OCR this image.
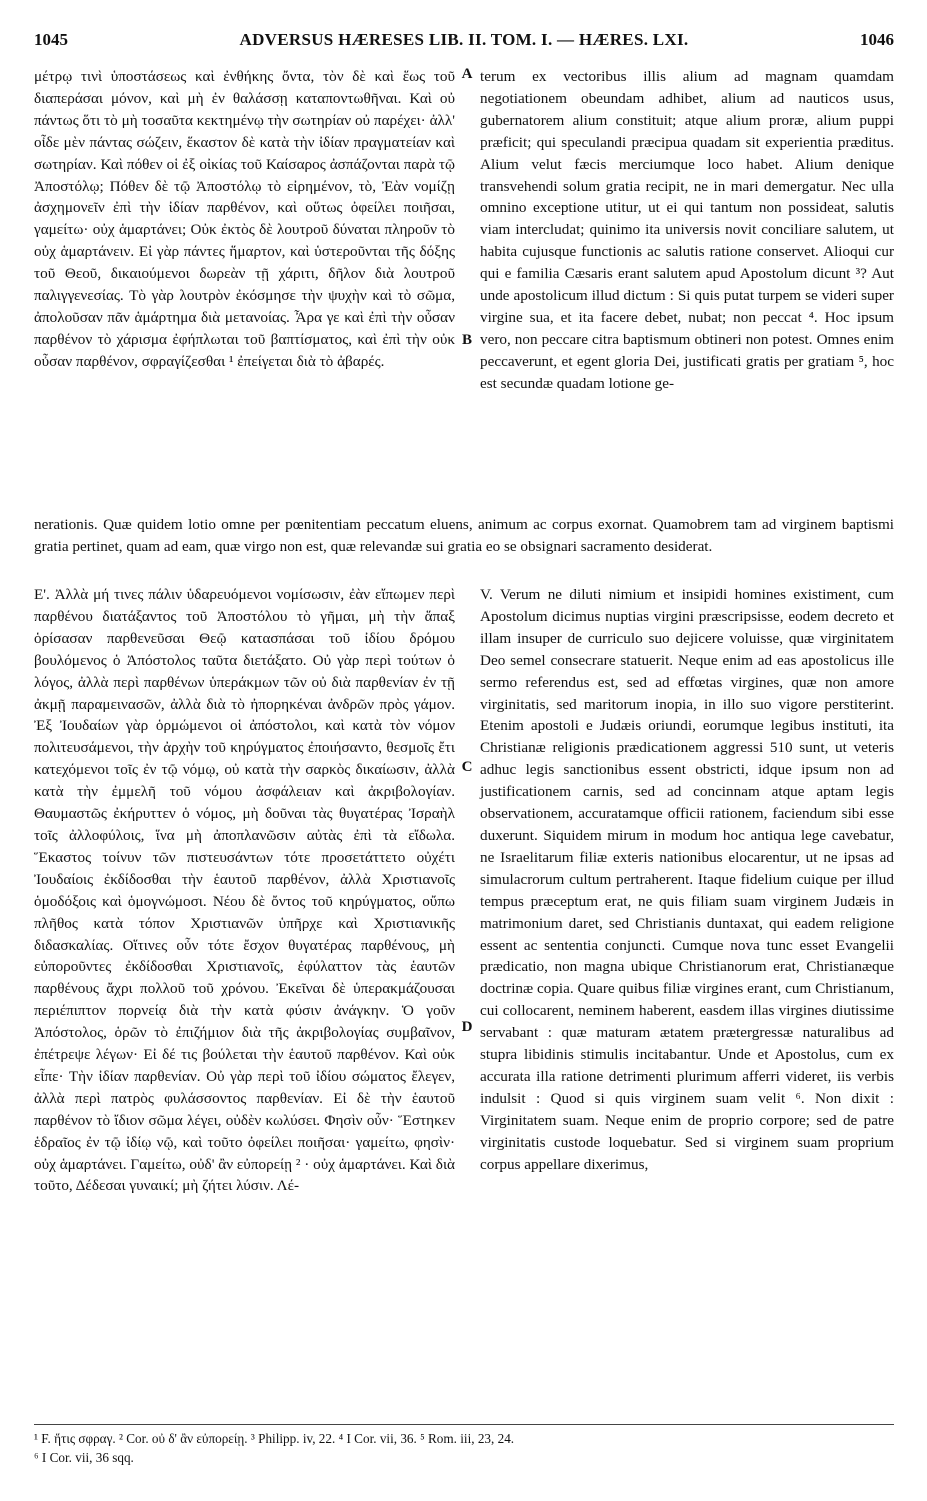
1045	ADVERSUS HÆRESES LIB. II. TOM. I. — HÆRES. LXI.	1046

μέτρῳ τινὶ ὑποστάσεως καὶ ἐνθήκης ὄντα, τὸν δὲ καὶ ἕως τοῦ διαπεράσαι μόνον, καὶ μὴ ἐν θαλάσσῃ καταποντωθῆναι. Καὶ οὐ πάντως ὅτι τὸ μὴ τοσαῦτα κεκτημένῳ τὴν σωτηρίαν οὐ παρέχει· ἀλλ' οἶδε μὲν πάντας σώζειν, ἕκαστον δὲ κατὰ τὴν ἰδίαν πραγματείαν καὶ σωτηρίαν. Καὶ πόθεν οἱ ἐξ οἰκίας τοῦ Καίσαρος ἀσπάζονται παρὰ τῷ Ἀποστόλῳ; Πόθεν δὲ τῷ Ἀποστόλῳ τὸ εἰρημένον, τὸ, Ἐὰν νομίζῃ ἀσχημονεῖν ἐπὶ τὴν ἰδίαν παρθένον, καὶ οὕτως ὀφείλει ποιῆσαι, γαμείτω· οὐχ ἁμαρτάνει; Οὐκ ἐκτὸς δὲ λουτροῦ δύναται πληροῦν τὸ οὐχ ἁμαρτάνειν. Εἰ γὰρ πάντες ἥμαρτον, καὶ ὑστεροῦνται τῆς δόξης τοῦ Θεοῦ, δικαιούμενοι δωρεὰν τῇ χάριτι, δῆλον διὰ λουτροῦ παλιγγενεσίας. Τὸ γὰρ λουτρὸν ἐκόσμησε τὴν ψυχὴν καὶ τὸ σῶμα, ἀπολοῦσαν πᾶν ἁμάρτημα διὰ μετανοίας. Ἆρα γε καὶ ἐπὶ τὴν οὖσαν παρθένον τὸ χάρισμα ἐφήπλωται τοῦ βαπτίσματος, καὶ ἐπὶ τὴν οὐκ οὖσαν παρθένον, σφραγίζεσθαι ¹ ἐπείγεται διὰ τὸ ἀβαρές.

terum ex vectoribus illis alium ad magnam quamdam negotiationem obeundam adhibet, alium ad nauticos usus, gubernatorem alium constituit; atque alium proræ, alium puppi præficit; qui speculandi præcipua quadam sit experientia præditus. Alium velut fæcis merciumque loco habet. Alium denique transvehendi solum gratia recipit, ne in mari demergatur. Nec ulla omnino exceptione utitur, ut ei qui tantum non possideat, salutis viam intercludat; quinimo ita universis novit conciliare salutem, ut habita cujusque functionis ac salutis ratione conservet. Alioqui cur qui e familia Cæsaris erant salutem apud Apostolum dicunt ³? Aut unde apostolicum illud dictum : Si quis putat turpem se videri super virgine sua, et ita facere debet, nubat; non peccat ⁴. Hoc ipsum vero, non peccare citra baptismum obtineri non potest. Omnes enim peccaverunt, et egent gloria Dei, justificati gratis per gratiam ⁵, hoc est secundæ quadam lotione ge-

nerationis. Quæ quidem lotio omne per pœnitentiam peccatum eluens, animum ac corpus exornat. Quamobrem tam ad virginem baptismi gratia pertinet, quam ad eam, quæ virgo non est, quæ relevandæ sui gratia eo se obsignari sacramento desiderat.

Ε'. Ἀλλὰ μή τινες πάλιν ὑδαρευόμενοι νομίσωσιν, ἐὰν εἴπωμεν περὶ παρθένου διατάξαντος τοῦ Ἀποστόλου τὸ γῆμαι, μὴ τὴν ἅπαξ ὁρίσασαν παρθενεῦσαι Θεῷ κατασπάσαι τοῦ ἰδίου δρόμου βουλόμενος ὁ Ἀπόστολος ταῦτα διετάξατο. Οὐ γὰρ περὶ τούτων ὁ λόγος, ἀλλὰ περὶ παρθένων ὑπεράκμων τῶν οὐ διὰ παρθενίαν ἐν τῇ ἀκμῇ παραμεινασῶν, ἀλλὰ διὰ τὸ ἠπορηκέναι ἀνδρῶν πρὸς γάμον. Ἐξ Ἰουδαίων γὰρ ὁρμώμενοι οἱ ἀπόστολοι, καὶ κατὰ τὸν νόμον πολιτευσάμενοι, τὴν ἀρχὴν τοῦ κηρύγματος ἐποιήσαντο, θεσμοῖς ἔτι κατεχόμενοι τοῖς ἐν τῷ νόμῳ, οὐ κατὰ τὴν σαρκὸς δικαίωσιν, ἀλλὰ κατὰ τὴν ἐμμελῆ τοῦ νόμου ἀσφάλειαν καὶ ἀκριβολογίαν. Θαυμαστῶς ἐκήρυττεν ὁ νόμος, μὴ δοῦναι τὰς θυγατέρας Ἰσραὴλ τοῖς ἀλλοφύλοις, ἵνα μὴ ἀποπλανῶσιν αὐτὰς ἐπὶ τὰ εἴδωλα. Ἕκαστος τοίνυν τῶν πιστευσάντων τότε προσετάττετο οὐχέτι Ἰουδαίοις ἐκδίδοσθαι τὴν ἑαυτοῦ παρθένον, ἀλλὰ Χριστιανοῖς ὁμοδόξοις καὶ ὁμογνώμοσι. Νέου δὲ ὄντος τοῦ κηρύγματος, οὔπω πλῆθος κατὰ τόπον Χριστιανῶν ὑπῆρχε καὶ Χριστιανικῆς διδασκαλίας. Οἵτινες οὖν τότε ἔσχον θυγατέρας παρθένους, μὴ εὐποροῦντες ἐκδίδοσθαι Χριστιανοῖς, ἐφύλαττον τὰς ἑαυτῶν παρθένους ἄχρι πολλοῦ τοῦ χρόνου. Ἐκεῖναι δὲ ὑπερακμάζουσαι περιέπιπτον πορνείᾳ διὰ τὴν κατὰ φύσιν ἀνάγκην. Ὁ γοῦν Ἀπόστολος, ὁρῶν τὸ ἐπιζήμιον διὰ τῆς ἀκριβολογίας συμβαῖνον, ἐπέτρεψε λέγων· Εἰ δέ τις βούλεται τὴν ἑαυτοῦ παρθένον. Καὶ οὐκ εἶπε· Τὴν ἰδίαν παρθενίαν. Οὐ γὰρ περὶ τοῦ ἰδίου σώματος ἔλεγεν, ἀλλὰ περὶ πατρὸς φυλάσσοντος παρθενίαν. Εἰ δὲ τὴν ἑαυτοῦ παρθένον τὸ ἴδιον σῶμα λέγει, οὐδὲν κωλύσει. Φησὶν οὖν· Ἕστηκεν ἑδραῖος ἐν τῷ ἰδίῳ νῷ, καὶ τοῦτο ὀφείλει ποιῆσαι· γαμείτω, φησὶν· οὐχ ἁμαρτάνει. Γαμείτω, οὐδ' ἂν εὐπορείῃ ² · οὐχ ἁμαρτάνει. Καὶ διὰ τοῦτο, Δέδεσαι γυναικί; μὴ ζήτει λύσιν. Λέ-

V. Verum ne diluti nimium et insipidi homines existiment, cum Apostolum dicimus nuptias virgini præscripsisse, eodem decreto et illam insuper de curriculo suo dejicere voluisse, quæ virginitatem Deo semel consecrare statuerit. Neque enim ad eas apostolicus ille sermo referendus est, sed ad effœtas virgines, quæ non amore virginitatis, sed maritorum inopia, in illo suo vigore perstiterint. Etenim apostoli e Judæis oriundi, eorumque legibus instituti, ita Christianæ religionis prædicationem aggressi 510 sunt, ut veteris adhuc legis sanctionibus essent obstricti, idque ipsum non ad justificationem carnis, sed ad concinnam atque aptam legis observationem, accuratamque officii rationem, faciendum sibi esse duxerunt. Siquidem mirum in modum hoc antiqua lege cavebatur, ne Israelitarum filiæ exteris nationibus elocarentur, ut ne ipsas ad simulacrorum cultum pertraherent. Itaque fidelium cuique per illud tempus præceptum erat, ne quis filiam suam virginem Judæis in matrimonium daret, sed Christianis duntaxat, qui eadem religione essent ac sententia conjuncti. Cumque nova tunc esset Evangelii prædicatio, non magna ubique Christianorum erat, Christianæque doctrinæ copia. Quare quibus filiæ virgines erant, cum Christianum, cui collocarent, neminem haberent, easdem illas virgines diutissime servabant : quæ maturam ætatem prætergressæ naturalibus ad stupra libidinis stimulis incitabantur. Unde et Apostolus, cum ex accurata illa ratione detrimenti plurimum afferri videret, iis verbis indulsit : Quod si quis virginem suam velit ⁶. Non dixit : Virginitatem suam. Neque enim de proprio corpore; sed de patre virginitatis custode loquebatur. Sed si virginem suam proprium corpus appellare dixerimus,

A
B
C
D
¹ F. ἥτις σφραγ. ² Cor. οὐ δ' ἂν εὐπορείῃ. ³ Philipp. iv, 22. ⁴ I Cor. vii, 36. ⁵ Rom. iii, 23, 24.
⁶ I Cor. vii, 36 sqq.
